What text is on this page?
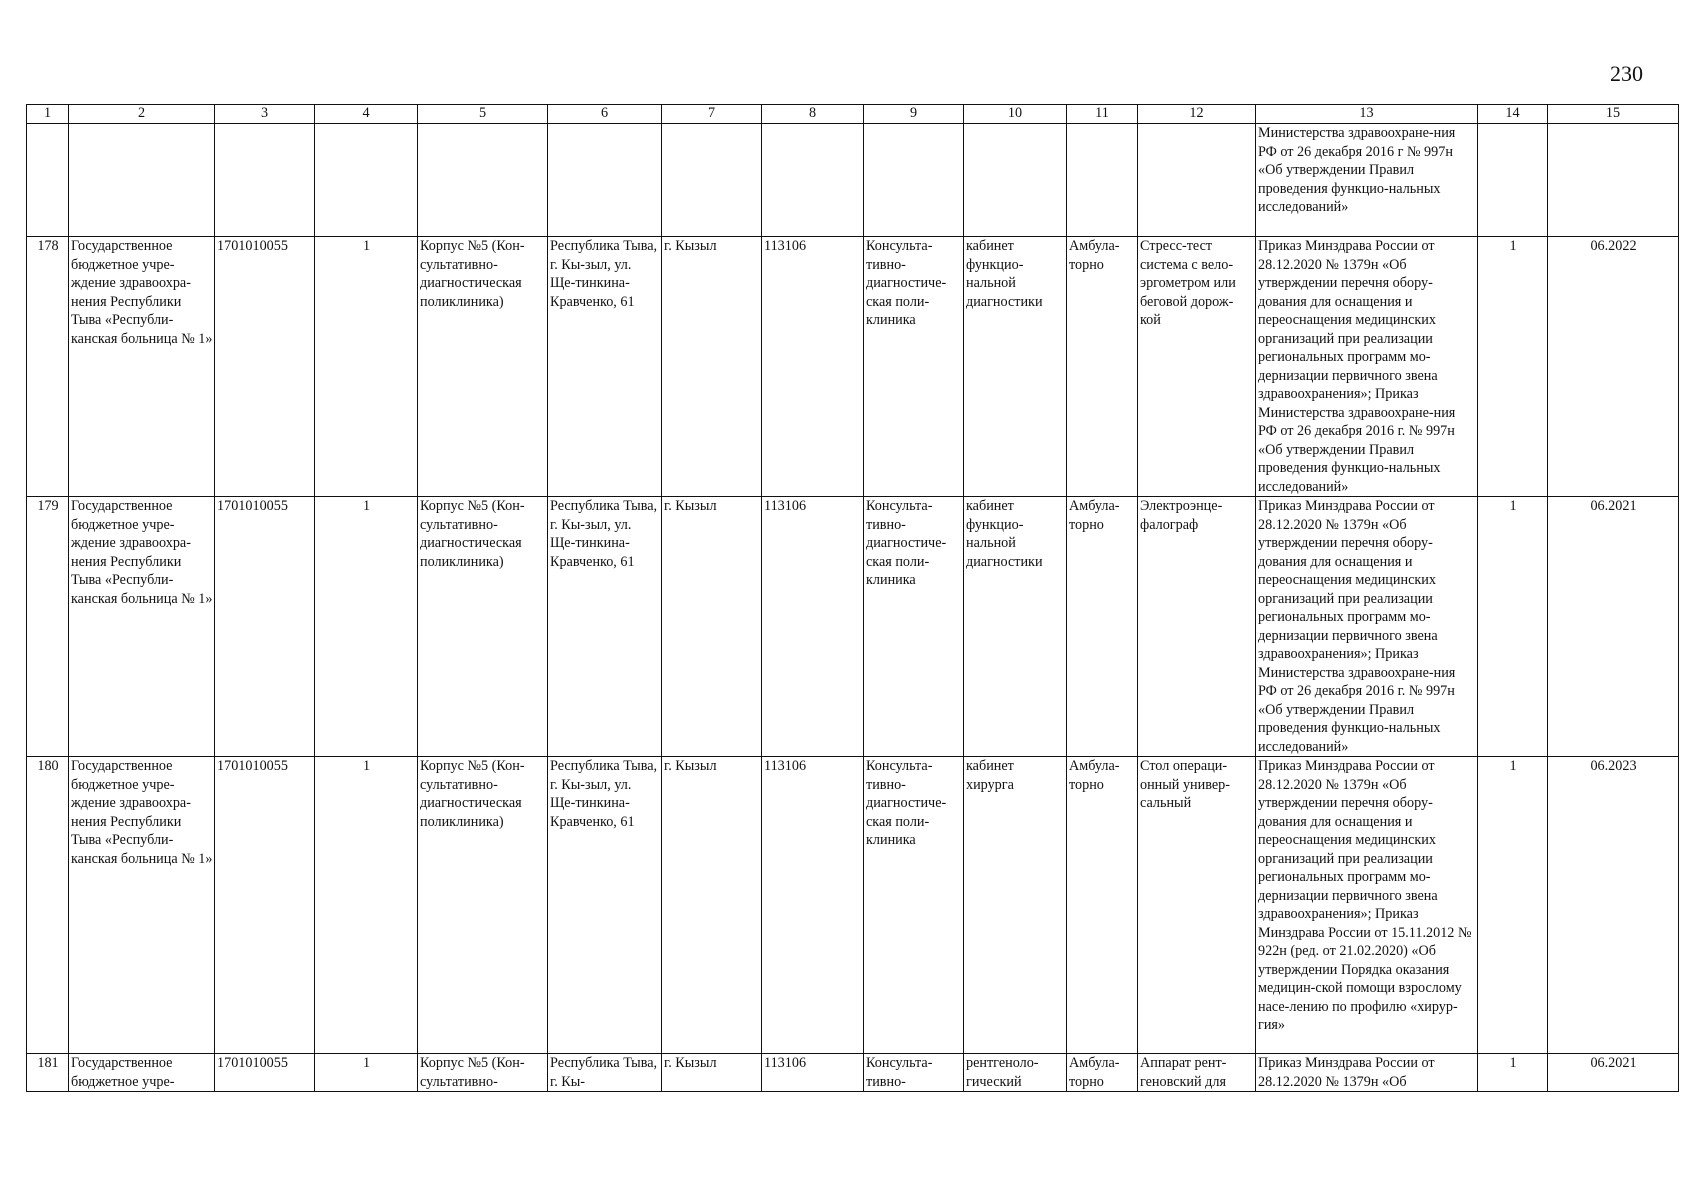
230
1	2	3	4	5	6	7	8	9	10	11	12	13	14	15
												Министерства здравоохране-ния РФ от 26 декабря 2016 г № 997н «Об утверждении Правил проведения функцио-нальных исследований»		
178	Государственное бюджетное учре-ждение здравоохра-нения Республики Тыва «Республи-канская больница № 1»	1701010055	1	Корпус №5 (Кон-сультативно-диагностическая поликлиника)	Республика Тыва, г. Кы-зыл, ул. Ще-тинкина-Кравченко, 61	г. Кызыл	113106	Консульта-тивно-диагностиче-ская поли-клиника	кабинет функцио-нальной диагностики	Амбула-торно	Стресс-тест система с вело-эргометром или беговой дорож-кой	Приказ Минздрава России от 28.12.2020 № 1379н «Об утверждении перечня обору-дования для оснащения и переоснащения медицинских организаций при реализации региональных программ мо-дернизации первичного звена здравоохранения»; Приказ Министерства здравоохране-ния РФ от 26 декабря 2016 г. № 997н «Об утверждении Правил проведения функцио-нальных исследований»	1	06.2022
179	Государственное бюджетное учре-ждение здравоохра-нения Республики Тыва «Республи-канская больница № 1»	1701010055	1	Корпус №5 (Кон-сультативно-диагностическая поликлиника)	Республика Тыва, г. Кы-зыл, ул. Ще-тинкина-Кравченко, 61	г. Кызыл	113106	Консульта-тивно-диагностиче-ская поли-клиника	кабинет функцио-нальной диагностики	Амбула-торно	Электроэнце-фалограф	Приказ Минздрава России от 28.12.2020 № 1379н «Об утверждении перечня обору-дования для оснащения и переоснащения медицинских организаций при реализации региональных программ мо-дернизации первичного звена здравоохранения»; Приказ Министерства здравоохране-ния РФ от 26 декабря 2016 г. № 997н «Об утверждении Правил проведения функцио-нальных исследований»	1	06.2021
180	Государственное бюджетное учре-ждение здравоохра-нения Республики Тыва «Республи-канская больница № 1»	1701010055	1	Корпус №5 (Кон-сультативно-диагностическая поликлиника)	Республика Тыва, г. Кы-зыл, ул. Ще-тинкина-Кравченко, 61	г. Кызыл	113106	Консульта-тивно-диагностиче-ская поли-клиника	кабинет хирурга	Амбула-торно	Стол операци-онный универ-сальный	Приказ Минздрава России от 28.12.2020 № 1379н «Об утверждении перечня обору-дования для оснащения и переоснащения медицинских организаций при реализации региональных программ мо-дернизации первичного звена здравоохранения»; Приказ Минздрава России от 15.11.2012 № 922н (ред. от 21.02.2020) «Об утверждении Порядка оказания медицин-ской помощи взрослому насе-лению по профилю «хирур-гия»	1	06.2023
181	Государственное бюджетное учре-	1701010055	1	Корпус №5 (Кон-сультативно-	Республика Тыва, г. Кы-	г. Кызыл	113106	Консульта-тивно-	рентгеноло-гический	Амбула-торно	Аппарат рент-геновский для	Приказ Минздрава России от 28.12.2020 № 1379н «Об	1	06.2021
